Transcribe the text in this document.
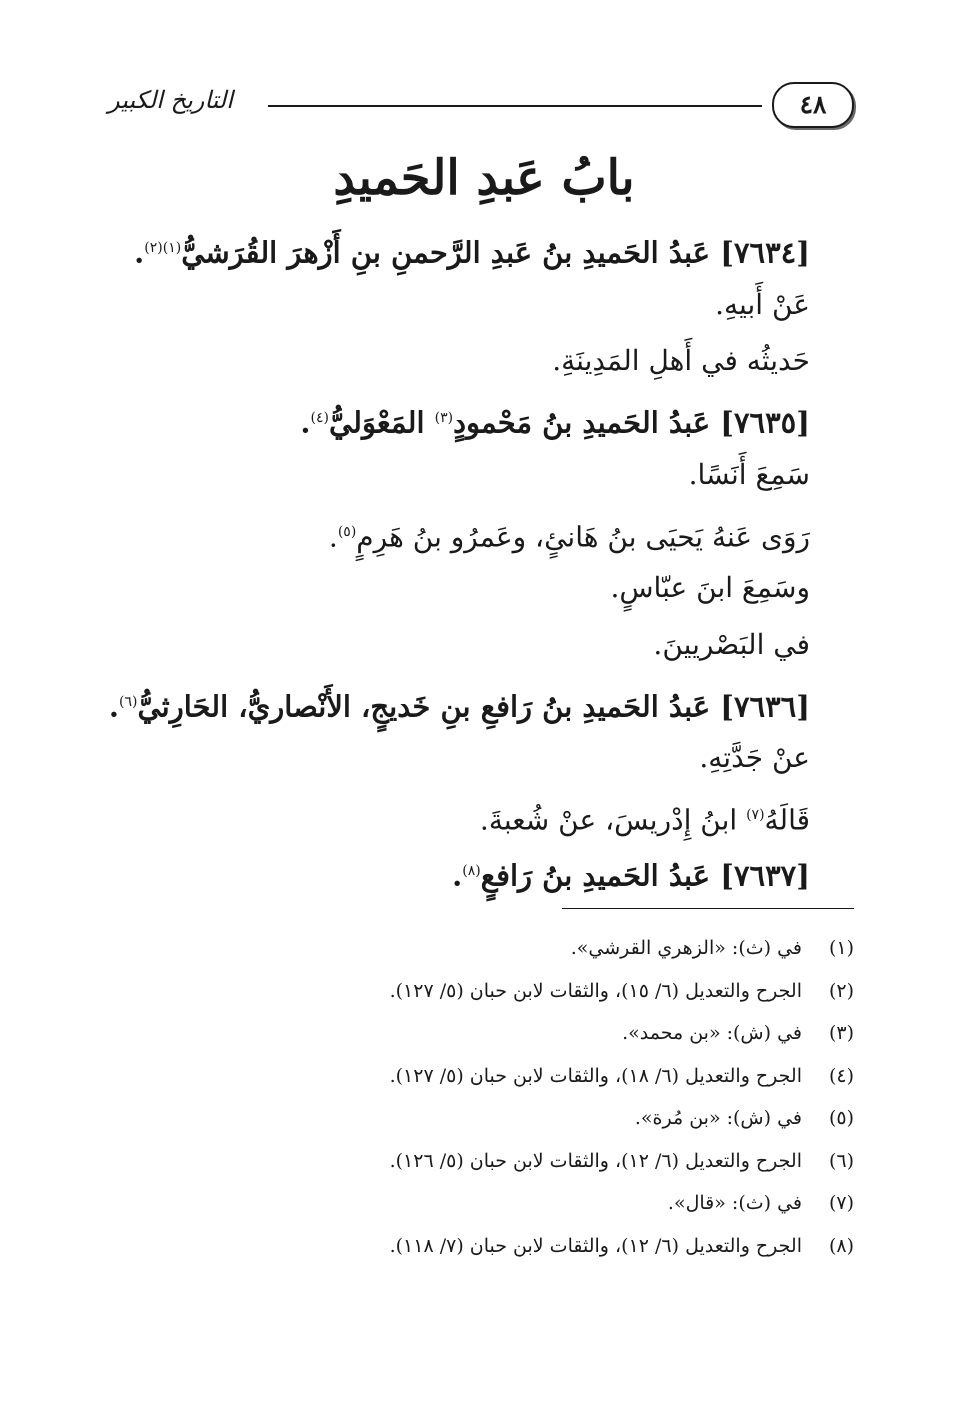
٤٨
التاريخ الكبير
بابُ عَبدِ الحَميدِ

[٧٦٣٤] عَبدُ الحَميدِ بنُ عَبدِ الرَّحمنِ بنِ أَزْهرَ القُرَشيُّ$^{(١)(٢)}$.

عَنْ أَبيهِ.

حَديثُه في أَهلِ المَدِينَةِ.

[٧٦٣٥] عَبدُ الحَميدِ بنُ مَحْمودٍ$^{(٣)}$ المَعْوَليُّ$^{(٤)}$.

سَمِعَ أَنَسًا.

رَوَى عَنهُ يَحيَى بنُ هَانئٍ، وعَمرُو بنُ هَرِمٍ$^{(٥)}$.

وسَمِعَ ابنَ عبّاسٍ.

في البَصْريينَ.

[٧٦٣٦] عَبدُ الحَميدِ بنُ رَافعِ بنِ خَديجٍ، الأَنْصاريُّ، الحَارِثيُّ$^{(٦)}$.

عنْ جَدَّتِهِ.

قَالَهُ$^{(٧)}$ ابنُ إِدْريسَ، عنْ شُعبةَ.

[٧٦٣٧] عَبدُ الحَميدِ بنُ رَافعٍ$^{(٨)}$.

(١)في (ث): «الزهري القرشي».

(٢)الجرح والتعديل (٦/ ١٥)، والثقات لابن حبان (٥/ ١٢٧).

(٣)في (ش): «بن محمد».

(٤)الجرح والتعديل (٦/ ١٨)، والثقات لابن حبان (٥/ ١٢٧).

(٥)في (ش): «بن مُرة».

(٦)الجرح والتعديل (٦/ ١٢)، والثقات لابن حبان (٥/ ١٢٦).

(٧)في (ث): «قال».

(٨)الجرح والتعديل (٦/ ١٢)، والثقات لابن حبان (٧/ ١١٨).
